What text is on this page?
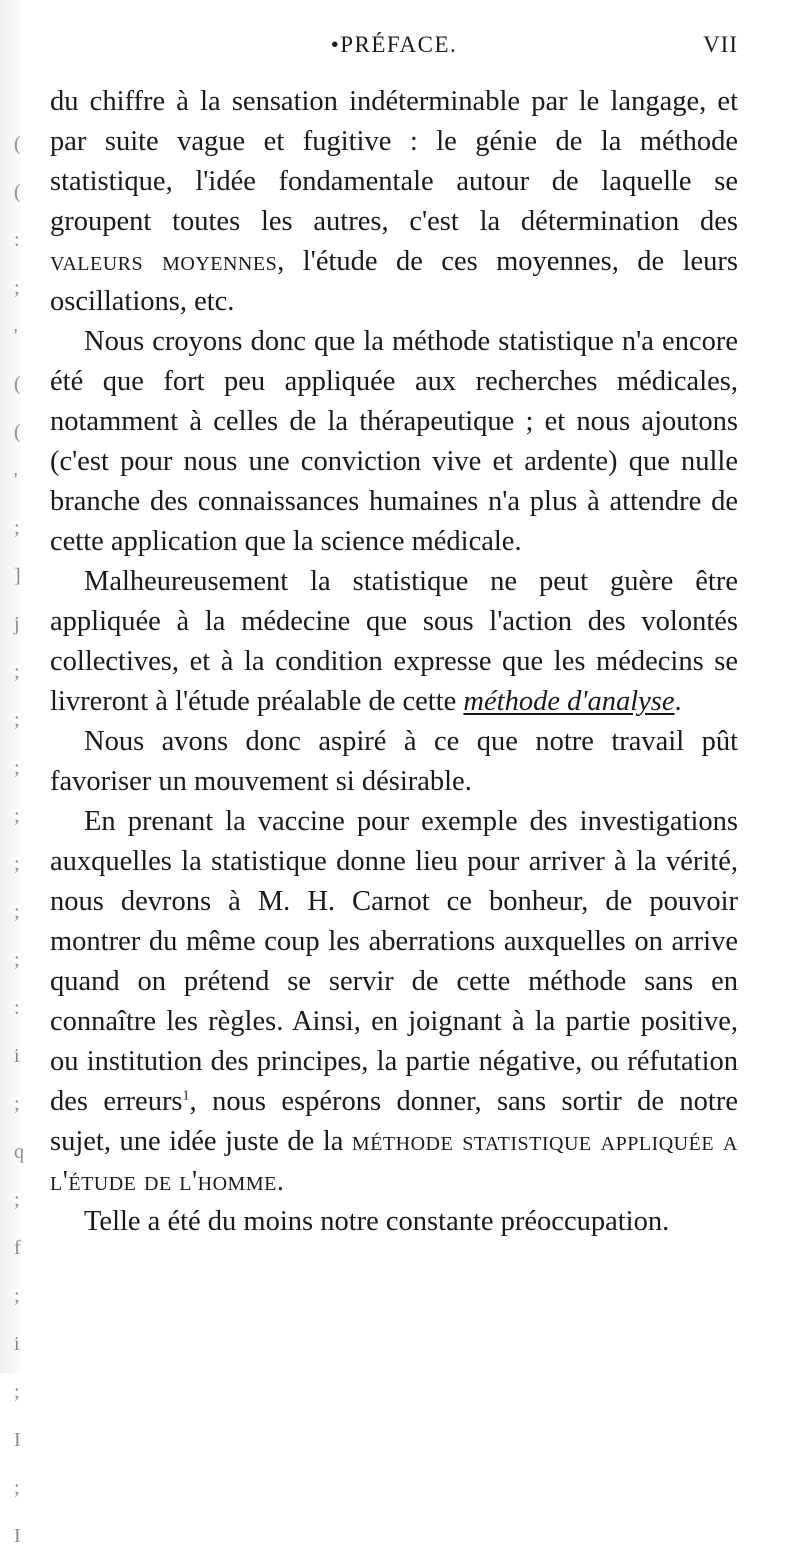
( ( : ; ' ( ( ' ; ] j ; ; ; ; ; ; ; : i ; q ; f ; i ; I ; I
•PRÉFACE.	VII

du chiffre à la sensation indéterminable par le langage, et par suite vague et fugitive : le génie de la méthode statistique, l'idée fondamentale autour de laquelle se groupent toutes les autres, c'est la détermination des valeurs moyennes, l'étude de ces moyennes, de leurs oscillations, etc.

Nous croyons donc que la méthode statistique n'a encore été que fort peu appliquée aux recherches médicales, notamment à celles de la thérapeutique ; et nous ajoutons (c'est pour nous une conviction vive et ardente) que nulle branche des connaissances humaines n'a plus à attendre de cette application que la science médicale.

Malheureusement la statistique ne peut guère être appliquée à la médecine que sous l'action des volontés collectives, et à la condition expresse que les médecins se livreront à l'étude préalable de cette méthode d'analyse.

Nous avons donc aspiré à ce que notre travail pût favoriser un mouvement si désirable.

En prenant la vaccine pour exemple des investigations auxquelles la statistique donne lieu pour arriver à la vérité, nous devrons à M. H. Carnot ce bonheur, de pouvoir montrer du même coup les aberrations auxquelles on arrive quand on prétend se servir de cette méthode sans en connaître les règles. Ainsi, en joignant à la partie positive, ou institution des principes, la partie négative, ou réfutation des erreurs$^1$, nous espérons donner, sans sortir de notre sujet, une idée juste de la méthode statistique appliquée a l'étude de l'homme.

Telle a été du moins notre constante préoccupation.
